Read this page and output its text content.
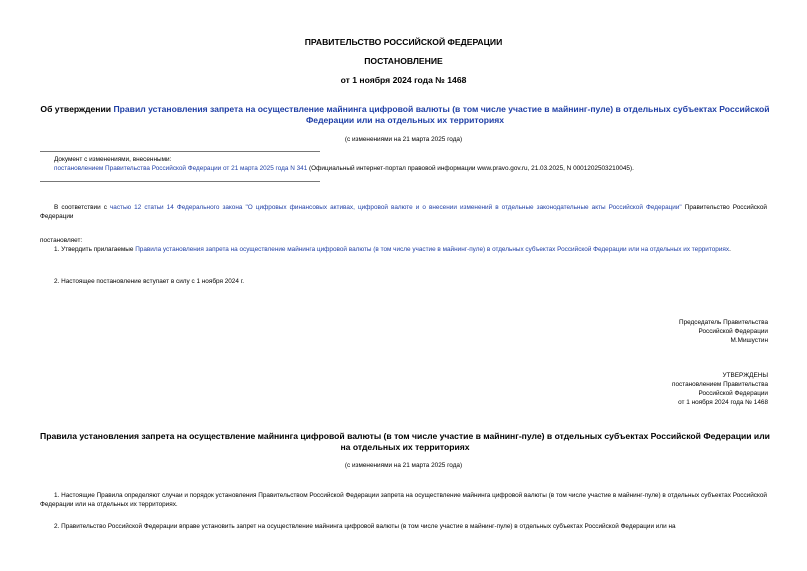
ПРАВИТЕЛЬСТВО РОССИЙСКОЙ ФЕДЕРАЦИИ
ПОСТАНОВЛЕНИЕ
от 1 ноября 2024 года № 1468
Об утверждении Правил установления запрета на осуществление майнинга цифровой валюты (в том числе участие в майнинг-пуле) в отдельных субъектах Российской Федерации или на отдельных их территориях
(с изменениями на 21 марта 2025 года)
Документ с изменениями, внесенными:
постановлением Правительства Российской Федерации от 21 марта 2025 года N 341 (Официальный интернет-портал правовой информации www.pravo.gov.ru, 21.03.2025, N 0001202503210045).
В соответствии с частью 12 статьи 14 Федерального закона "О цифровых финансовых активах, цифровой валюте и о внесении изменений в отдельные законодательные акты Российской Федерации" Правительство Российской Федерации
постановляет:
1. Утвердить прилагаемые Правила установления запрета на осуществление майнинга цифровой валюты (в том числе участие в майнинг-пуле) в отдельных субъектах Российской Федерации или на отдельных их территориях.
2. Настоящее постановление вступает в силу с 1 ноября 2024 г.
Председатель Правительства
Российской Федерации
М.Мишустин
УТВЕРЖДЕНЫ
постановлением Правительства
Российской Федерации
от 1 ноября 2024 года № 1468
Правила установления запрета на осуществление майнинга цифровой валюты (в том числе участие в майнинг-пуле) в отдельных субъектах Российской Федерации или на отдельных их территориях
(с изменениями на 21 марта 2025 года)
1. Настоящие Правила определяют случаи и порядок установления Правительством Российской Федерации запрета на осуществление майнинга цифровой валюты (в том числе участие в майнинг-пуле) в отдельных субъектах Российской Федерации или на отдельных их территориях.
2. Правительство Российской Федерации вправе установить запрет на осуществление майнинга цифровой валюты (в том числе участие в майнинг-пуле) в отдельных субъектах Российской Федерации или на
